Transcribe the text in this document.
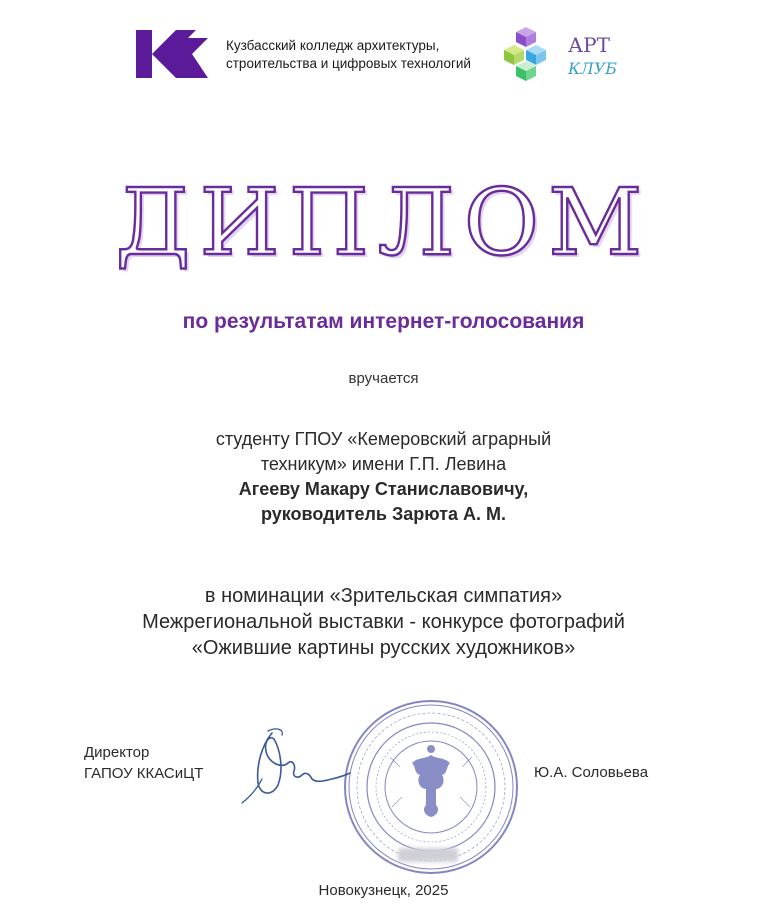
Кузбасский колледж архитектуры,
строительства и цифровых технологий
АРТ
КЛУБ
ДИПЛОМ
по результатам интернет-голосования
вручается
студенту ГПОУ «Кемеровский аграрный
техникум» имени Г.П. Левина
Агееву Макару Станиславовичу,
руководитель Зарюта А. М.
в номинации «Зрительская симпатия»
Межрегиональной выставки - конкурсе фотографий
«Ожившие картины русских художников»
Директор
ГАПОУ ККАСиЦТ	Ю.А. Соловьева
Новокузнецк, 2025
